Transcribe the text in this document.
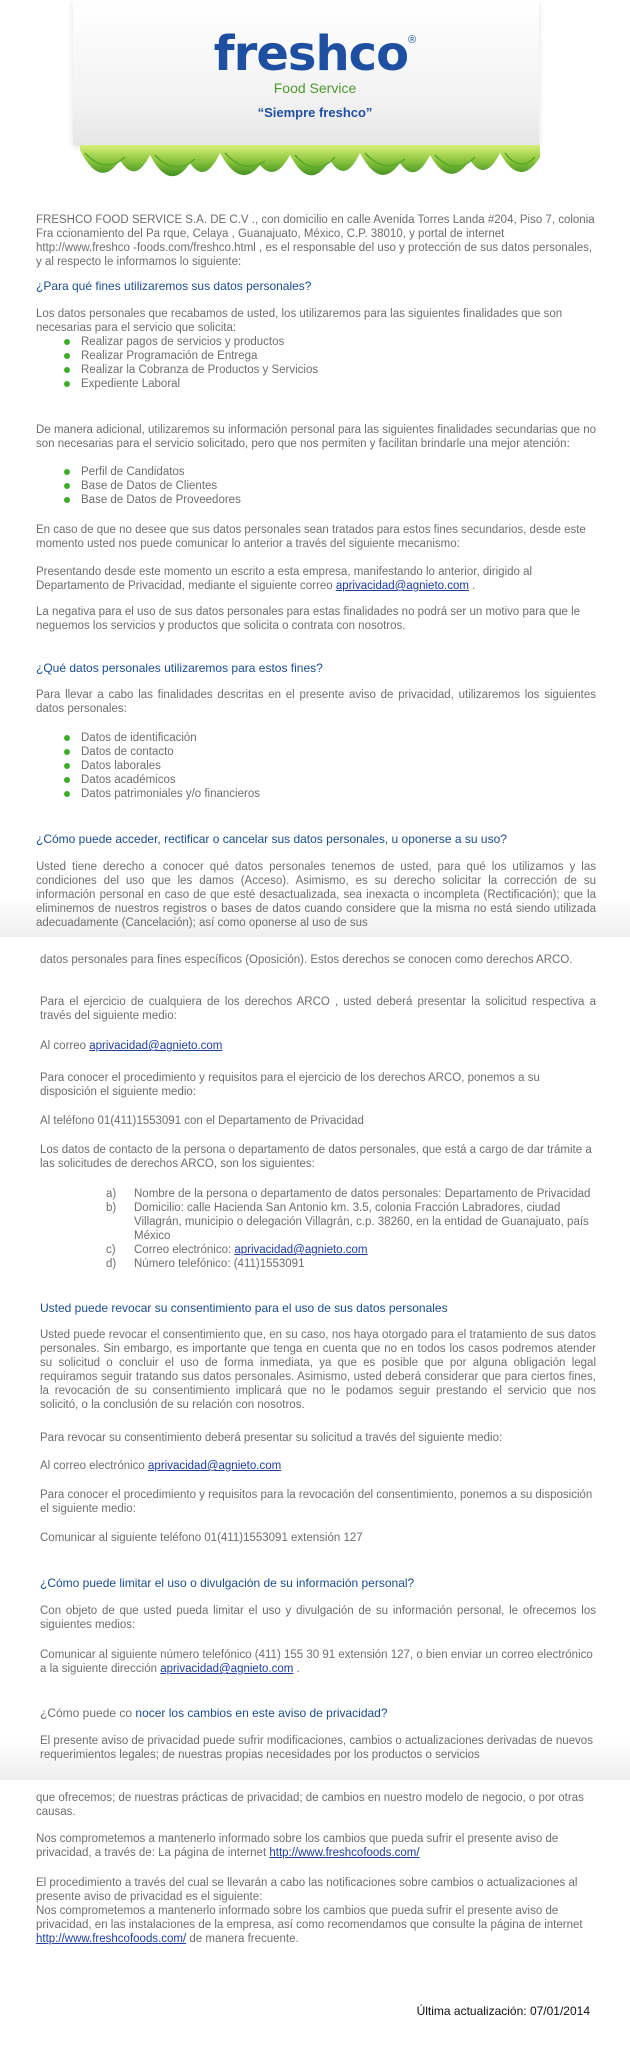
freshco®
Food Service
“Siempre freshco”
FRESHCO FOOD SERVICE S.A. DE C.V ., con domicilio en calle Avenida Torres Landa #204, Piso 7, colonia Fra ccionamiento del Pa rque, Celaya , Guanajuato, México, C.P. 38010, y portal de internet http://www.freshco -foods.com/freshco.html , es el responsable del uso y protección de sus datos personales, y al respecto le informamos lo siguiente:
¿Para qué fines utilizaremos sus datos personales?
Los datos personales que recabamos de usted, los utilizaremos para las siguientes finalidades que son necesarias para el servicio que solicita:
Realizar pagos de servicios y productos
Realizar Programación de Entrega
Realizar la Cobranza de Productos y Servicios
Expediente Laboral
De manera adicional, utilizaremos su información personal para las siguientes finalidades secundarias que no son necesarias para el servicio solicitado, pero que nos permiten y facilitan brindarle una mejor atención:
Perfil de Candidatos
Base de Datos de Clientes
Base de Datos de Proveedores
En caso de que no desee que sus datos personales sean tratados para estos fines secundarios, desde este momento usted nos puede comunicar lo anterior a través del siguiente mecanismo:
Presentando desde este momento un escrito a esta empresa, manifestando lo anterior, dirigido al Departamento de Privacidad, mediante el siguiente correo aprivacidad@agnieto.com .
La negativa para el uso de sus datos personales para estas finalidades no podrá ser un motivo para que le neguemos los servicios y productos que solicita o contrata con nosotros.
¿Qué datos personales utilizaremos para estos fines?
Para llevar a cabo las finalidades descritas en el presente aviso de privacidad, utilizaremos los siguientes datos personales:
Datos de identificación
Datos de contacto
Datos laborales
Datos académicos
Datos patrimoniales y/o financieros
¿Cómo puede acceder, rectificar o cancelar sus datos personales, u oponerse a su uso?
Usted tiene derecho a conocer qué datos personales tenemos de usted, para qué los utilizamos y las condiciones del uso que les damos (Acceso). Asimismo, es su derecho solicitar la corrección de su información personal en caso de que esté desactualizada, sea inexacta o incompleta (Rectificación); que la eliminemos de nuestros registros o bases de datos cuando considere que la misma no está siendo utilizada adecuadamente (Cancelación); así como oponerse al uso de sus
datos personales para fines específicos (Oposición). Estos derechos se conocen como derechos ARCO.
Para el ejercicio de cualquiera de los derechos ARCO , usted deberá presentar la solicitud respectiva a través del siguiente medio:
Al correo aprivacidad@agnieto.com
Para conocer el procedimiento y requisitos para el ejercicio de los derechos ARCO, ponemos a su disposición el siguiente medio:
Al teléfono 01(411)1553091 con el Departamento de Privacidad
Los datos de contacto de la persona o departamento de datos personales, que está a cargo de dar trámite a las solicitudes de derechos ARCO, son los siguientes:
a) Nombre de la persona o departamento de datos personales: Departamento de Privacidad
b) Domicilio: calle Hacienda San Antonio km. 3.5, colonia Fracción Labradores, ciudad Villagrán, municipio o delegación Villagrán, c.p. 38260, en la entidad de Guanajuato, país México
c) Correo electrónico: aprivacidad@agnieto.com
d) Número telefónico: (411)1553091
Usted puede revocar su consentimiento para el uso de sus datos personales
Usted puede revocar el consentimiento que, en su caso, nos haya otorgado para el tratamiento de sus datos personales. Sin embargo, es importante que tenga en cuenta que no en todos los casos podremos atender su solicitud o concluir el uso de forma inmediata, ya que es posible que por alguna obligación legal requiramos seguir tratando sus datos personales. Asimismo, usted deberá considerar que para ciertos fines, la revocación de su consentimiento implicará que no le podamos seguir prestando el servicio que nos solicitó, o la conclusión de su relación con nosotros.
Para revocar su consentimiento deberá presentar su solicitud a través del siguiente medio:
Al correo electrónico aprivacidad@agnieto.com
Para conocer el procedimiento y requisitos para la revocación del consentimiento, ponemos a su disposición el siguiente medio:
Comunicar al siguiente teléfono 01(411)1553091 extensión 127
¿Cómo puede limitar el uso o divulgación de su información personal?
Con objeto de que usted pueda limitar el uso y divulgación de su información personal, le ofrecemos los siguientes medios:
Comunicar al siguiente número telefónico (411) 155 30 91 extensión 127, o bien enviar un correo electrónico a la siguiente dirección aprivacidad@agnieto.com .
¿Cómo puede co nocer los cambios en este aviso de privacidad?
El presente aviso de privacidad puede sufrir modificaciones, cambios o actualizaciones derivadas de nuevos requerimientos legales; de nuestras propias necesidades por los productos o servicios
que ofrecemos; de nuestras prácticas de privacidad; de cambios en nuestro modelo de negocio, o por otras causas.
Nos comprometemos a mantenerlo informado sobre los cambios que pueda sufrir el presente aviso de privacidad, a través de: La página de internet http://www.freshcofoods.com/
El procedimiento a través del cual se llevarán a cabo las notificaciones sobre cambios o actualizaciones al presente aviso de privacidad es el siguiente:
Nos comprometemos a mantenerlo informado sobre los cambios que pueda sufrir el presente aviso de privacidad, en las instalaciones de la empresa, así como recomendamos que consulte la página de internet http://www.freshcofoods.com/ de manera frecuente.
Última actualización: 07/01/2014
